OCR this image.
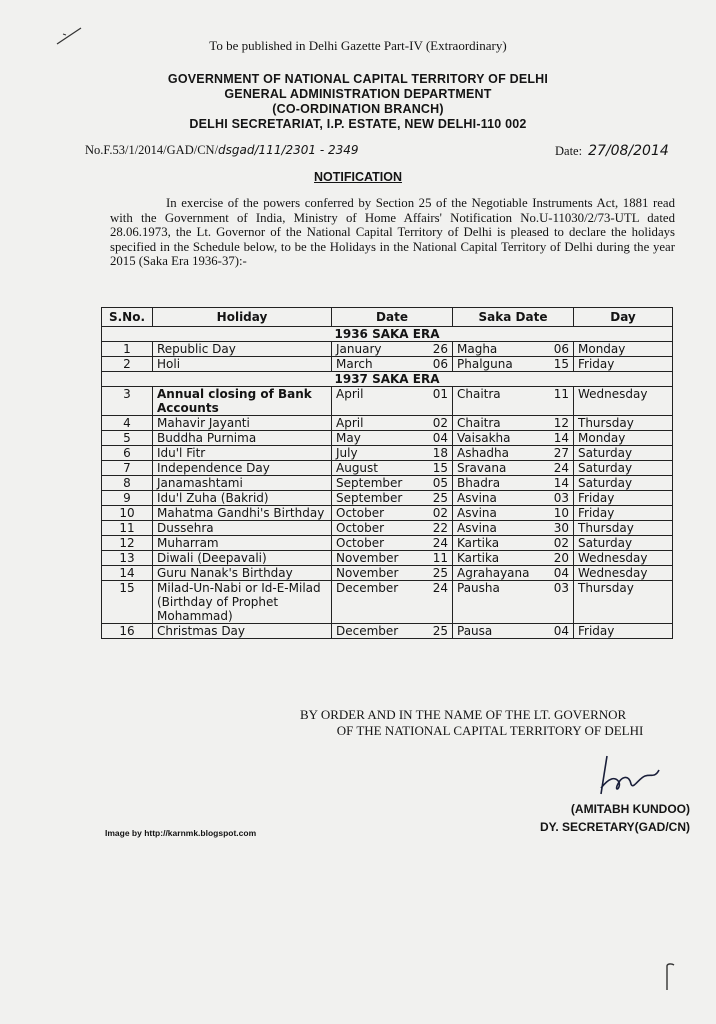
To be published in Delhi Gazette Part-IV (Extraordinary)
GOVERNMENT OF NATIONAL CAPITAL TERRITORY OF DELHI
GENERAL ADMINISTRATION DEPARTMENT
(CO-ORDINATION BRANCH)
DELHI SECRETARIAT, I.P. ESTATE, NEW DELHI-110 002
No.F.53/1/2014/GAD/CN/dsgad/111/2301 - 2349	Date: 27/08/2014
NOTIFICATION
In exercise of the powers conferred by Section 25 of the Negotiable Instruments Act, 1881 read with the Government of India, Ministry of Home Affairs' Notification No.U-11030/2/73-UTL dated 28.06.1973, the Lt. Governor of the National Capital Territory of Delhi is pleased to declare the holidays specified in the Schedule below, to be the Holidays in the National Capital Territory of Delhi during the year 2015 (Saka Era 1936-37):-
S.No.	Holiday	Date	Saka Date	Day
1936 SAKA ERA				
1	Republic Day	January 26	Magha 06	Monday
2	Holi	March 06	Phalguna 15	Friday
1937 SAKA ERA				
3	Annual closing of Bank Accounts	April 01	Chaitra 11	Wednesday
4	Mahavir Jayanti	April 02	Chaitra 12	Thursday
5	Buddha Purnima	May 04	Vaisakha 14	Monday
6	Idu'l Fitr	July 18	Ashadha 27	Saturday
7	Independence Day	August 15	Sravana 24	Saturday
8	Janamashtami	September 05	Bhadra 14	Saturday
9	Idu'l Zuha (Bakrid)	September 25	Asvina 03	Friday
10	Mahatma Gandhi's Birthday	October 02	Asvina 10	Friday
11	Dussehra	October 22	Asvina 30	Thursday
12	Muharram	October 24	Kartika 02	Saturday
13	Diwali (Deepavali)	November 11	Kartika 20	Wednesday
14	Guru Nanak's Birthday	November 25	Agrahayana 04	Wednesday
15	Milad-Un-Nabi or Id-E-Milad (Birthday of Prophet Mohammad)	December 24	Pausha 03	Thursday
16	Christmas Day	December 25	Pausa 04	Friday
BY ORDER AND IN THE NAME OF THE LT. GOVERNOR
OF THE NATIONAL CAPITAL TERRITORY OF DELHI
(AMITABH KUNDOO)
DY. SECRETARY(GAD/CN)
Image by http://karnmk.blogspot.com
